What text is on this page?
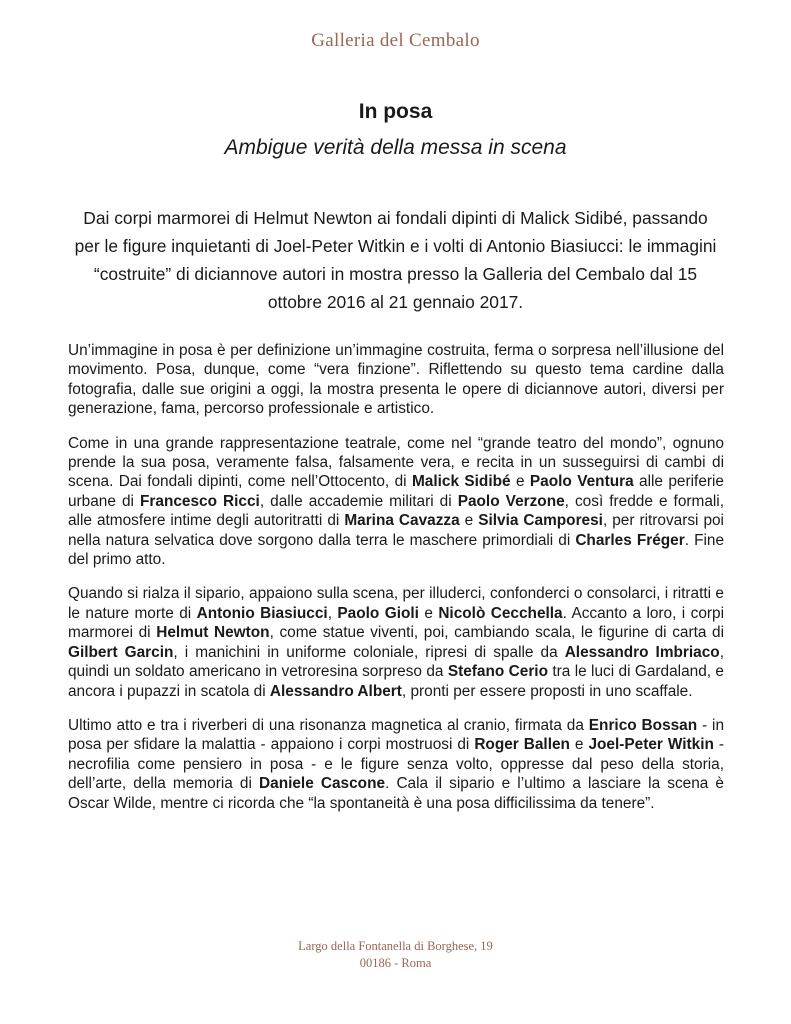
Galleria del Cembalo
In posa
Ambigue verità della messa in scena
Dai corpi marmorei di Helmut Newton ai fondali dipinti di Malick Sidibé, passando per le figure inquietanti di Joel-Peter Witkin e i volti di Antonio Biasiucci: le immagini “costruite” di diciannove autori in mostra presso la Galleria del Cembalo dal 15 ottobre 2016 al 21 gennaio 2017.

Un’immagine in posa è per definizione un’immagine costruita, ferma o sorpresa nell’illusione del movimento. Posa, dunque, come “vera finzione”. Riflettendo su questo tema cardine dalla fotografia, dalle sue origini a oggi, la mostra presenta le opere di diciannove autori, diversi per generazione, fama, percorso professionale e artistico.

Come in una grande rappresentazione teatrale, come nel “grande teatro del mondo”, ognuno prende la sua posa, veramente falsa, falsamente vera, e recita in un susseguirsi di cambi di scena. Dai fondali dipinti, come nell’Ottocento, di Malick Sidibé e Paolo Ventura alle periferie urbane di Francesco Ricci, dalle accademie militari di Paolo Verzone, così fredde e formali, alle atmosfere intime degli autoritratti di Marina Cavazza e Silvia Camporesi, per ritrovarsi poi nella natura selvatica dove sorgono dalla terra le maschere primordiali di Charles Fréger. Fine del primo atto.

Quando si rialza il sipario, appaiono sulla scena, per illuderci, confonderci o consolarci, i ritratti e le nature morte di Antonio Biasiucci, Paolo Gioli e Nicolò Cecchella. Accanto a loro, i corpi marmorei di Helmut Newton, come statue viventi, poi, cambiando scala, le figurine di carta di Gilbert Garcin, i manichini in uniforme coloniale, ripresi di spalle da Alessandro Imbriaco, quindi un soldato americano in vetroresina sorpreso da Stefano Cerio tra le luci di Gardaland, e ancora i pupazzi in scatola di Alessandro Albert, pronti per essere proposti in uno scaffale.

Ultimo atto e tra i riverberi di una risonanza magnetica al cranio, firmata da Enrico Bossan - in posa per sfidare la malattia - appaiono i corpi mostruosi di Roger Ballen e Joel-Peter Witkin - necrofilia come pensiero in posa - e le figure senza volto, oppresse dal peso della storia, dell’arte, della memoria di Daniele Cascone. Cala il sipario e l’ultimo a lasciare la scena è Oscar Wilde, mentre ci ricorda che “la spontaneità è una posa difficilissima da tenere”.

Largo della Fontanella di Borghese, 19
00186 - Roma
